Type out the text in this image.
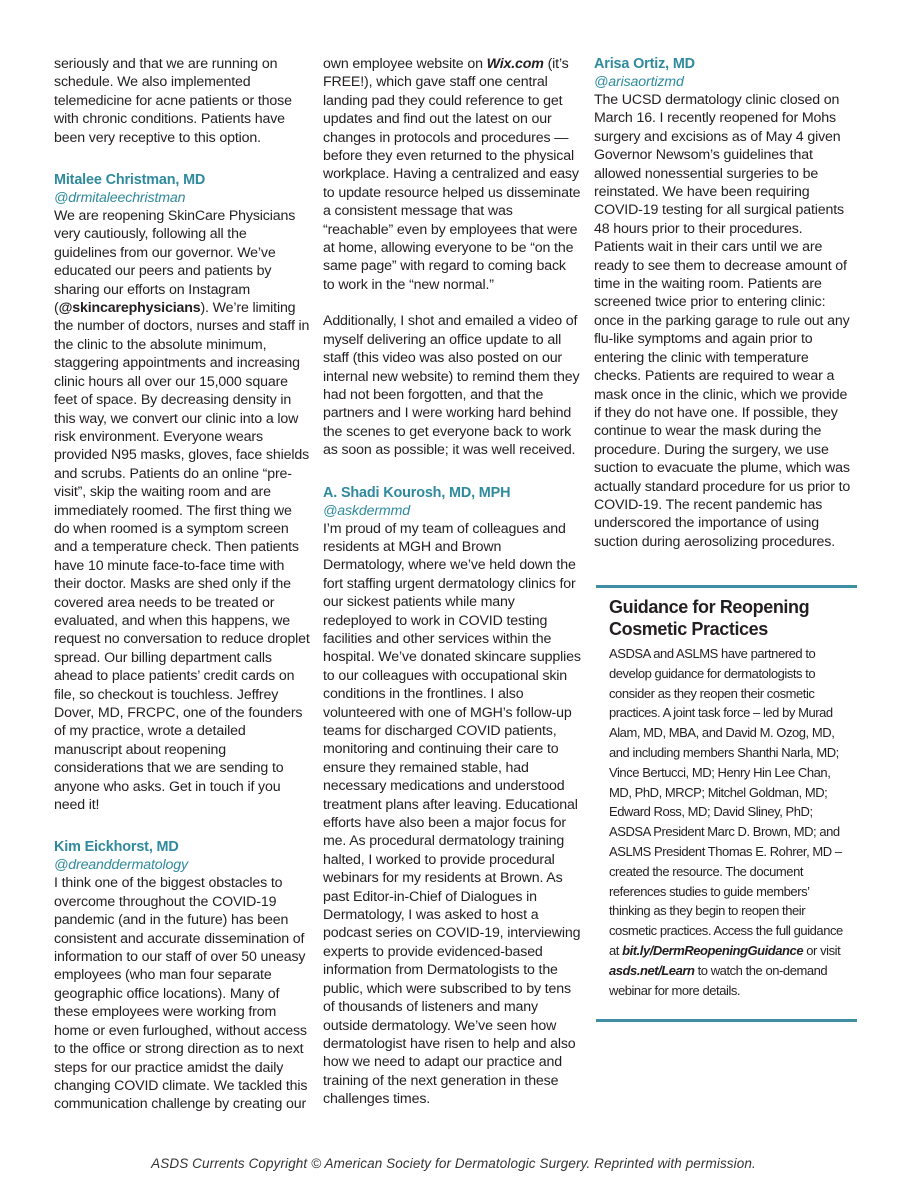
seriously and that we are running on schedule. We also implemented telemedicine for acne patients or those with chronic conditions. Patients have been very receptive to this option.

Mitalee Christman, MD

@drmitaleechristman

We are reopening SkinCare Physicians very cautiously, following all the guidelines from our governor. We’ve educated our peers and patients by sharing our efforts on Instagram (@skincarephysicians). We’re limiting the number of doctors, nurses and staff in the clinic to the absolute minimum, staggering appointments and increasing clinic hours all over our 15,000 square feet of space. By decreasing density in this way, we convert our clinic into a low risk environment. Everyone wears provided N95 masks, gloves, face shields and scrubs. Patients do an online “pre-visit”, skip the waiting room and are immediately roomed. The first thing we do when roomed is a symptom screen and a temperature check. Then patients have 10 minute face-to-face time with their doctor. Masks are shed only if the covered area needs to be treated or evaluated, and when this happens, we request no conversation to reduce droplet spread. Our billing department calls ahead to place patients’ credit cards on file, so checkout is touchless. Jeffrey Dover, MD, FRCPC, one of the founders of my practice, wrote a detailed manuscript about reopening considerations that we are sending to anyone who asks. Get in touch if you need it!

Kim Eickhorst, MD

@dreanddermatology

I think one of the biggest obstacles to overcome throughout the COVID-19 pandemic (and in the future) has been consistent and accurate dissemination of information to our staff of over 50 uneasy employees (who man four separate geographic office locations). Many of these employees were working from home or even furloughed, without access to the office or strong direction as to next steps for our practice amidst the daily changing COVID climate. We tackled this communication challenge by creating our

own employee website on Wix.com (it’s FREE!), which gave staff one central landing pad they could reference to get updates and find out the latest on our changes in protocols and procedures — before they even returned to the physical workplace. Having a centralized and easy to update resource helped us disseminate a consistent message that was “reachable” even by employees that were at home, allowing everyone to be “on the same page” with regard to coming back to work in the “new normal.”

Additionally, I shot and emailed a video of myself delivering an office update to all staff (this video was also posted on our internal new website) to remind them they had not been forgotten, and that the partners and I were working hard behind the scenes to get everyone back to work as soon as possible; it was well received.

A. Shadi Kourosh, MD, MPH

@askdermmd

I’m proud of my team of colleagues and residents at MGH and Brown Dermatology, where we’ve held down the fort staffing urgent dermatology clinics for our sickest patients while many redeployed to work in COVID testing facilities and other services within the hospital. We’ve donated skincare supplies to our colleagues with occupational skin conditions in the frontlines. I also volunteered with one of MGH’s follow-up teams for discharged COVID patients, monitoring and continuing their care to ensure they remained stable, had necessary medications and understood treatment plans after leaving. Educational efforts have also been a major focus for me. As procedural dermatology training halted, I worked to provide procedural webinars for my residents at Brown. As past Editor-in-Chief of Dialogues in Dermatology, I was asked to host a podcast series on COVID-19, interviewing experts to provide evidenced-based information from Dermatologists to the public, which were subscribed to by tens of thousands of listeners and many outside dermatology. We’ve seen how dermatologist have risen to help and also how we need to adapt our practice and training of the next generation in these challenges times.

Arisa Ortiz, MD

@arisaortizmd

The UCSD dermatology clinic closed on March 16. I recently reopened for Mohs surgery and excisions as of May 4 given Governor Newsom’s guidelines that allowed nonessential surgeries to be reinstated. We have been requiring COVID-19 testing for all surgical patients 48 hours prior to their procedures. Patients wait in their cars until we are ready to see them to decrease amount of time in the waiting room. Patients are screened twice prior to entering clinic: once in the parking garage to rule out any flu-like symptoms and again prior to entering the clinic with temperature checks. Patients are required to wear a mask once in the clinic, which we provide if they do not have one. If possible, they continue to wear the mask during the procedure. During the surgery, we use suction to evacuate the plume, which was actually standard procedure for us prior to COVID-19. The recent pandemic has underscored the importance of using suction during aerosolizing procedures.

Guidance for Reopening Cosmetic Practices
ASDSA and ASLMS have partnered to develop guidance for dermatologists to consider as they reopen their cosmetic practices. A joint task force – led by Murad Alam, MD, MBA, and David M. Ozog, MD, and including members Shanthi Narla, MD; Vince Bertucci, MD; Henry Hin Lee Chan, MD, PhD, MRCP; Mitchel Goldman, MD; Edward Ross, MD; David Sliney, PhD; ASDSA President Marc D. Brown, MD; and ASLMS President Thomas E. Rohrer, MD – created the resource. The document references studies to guide members’ thinking as they begin to reopen their cosmetic practices. Access the full guidance at bit.ly/DermReopeningGuidance or visit asds.net/Learn to watch the on-demand webinar for more details.
ASDS Currents Copyright © American Society for Dermatologic Surgery. Reprinted with permission.
